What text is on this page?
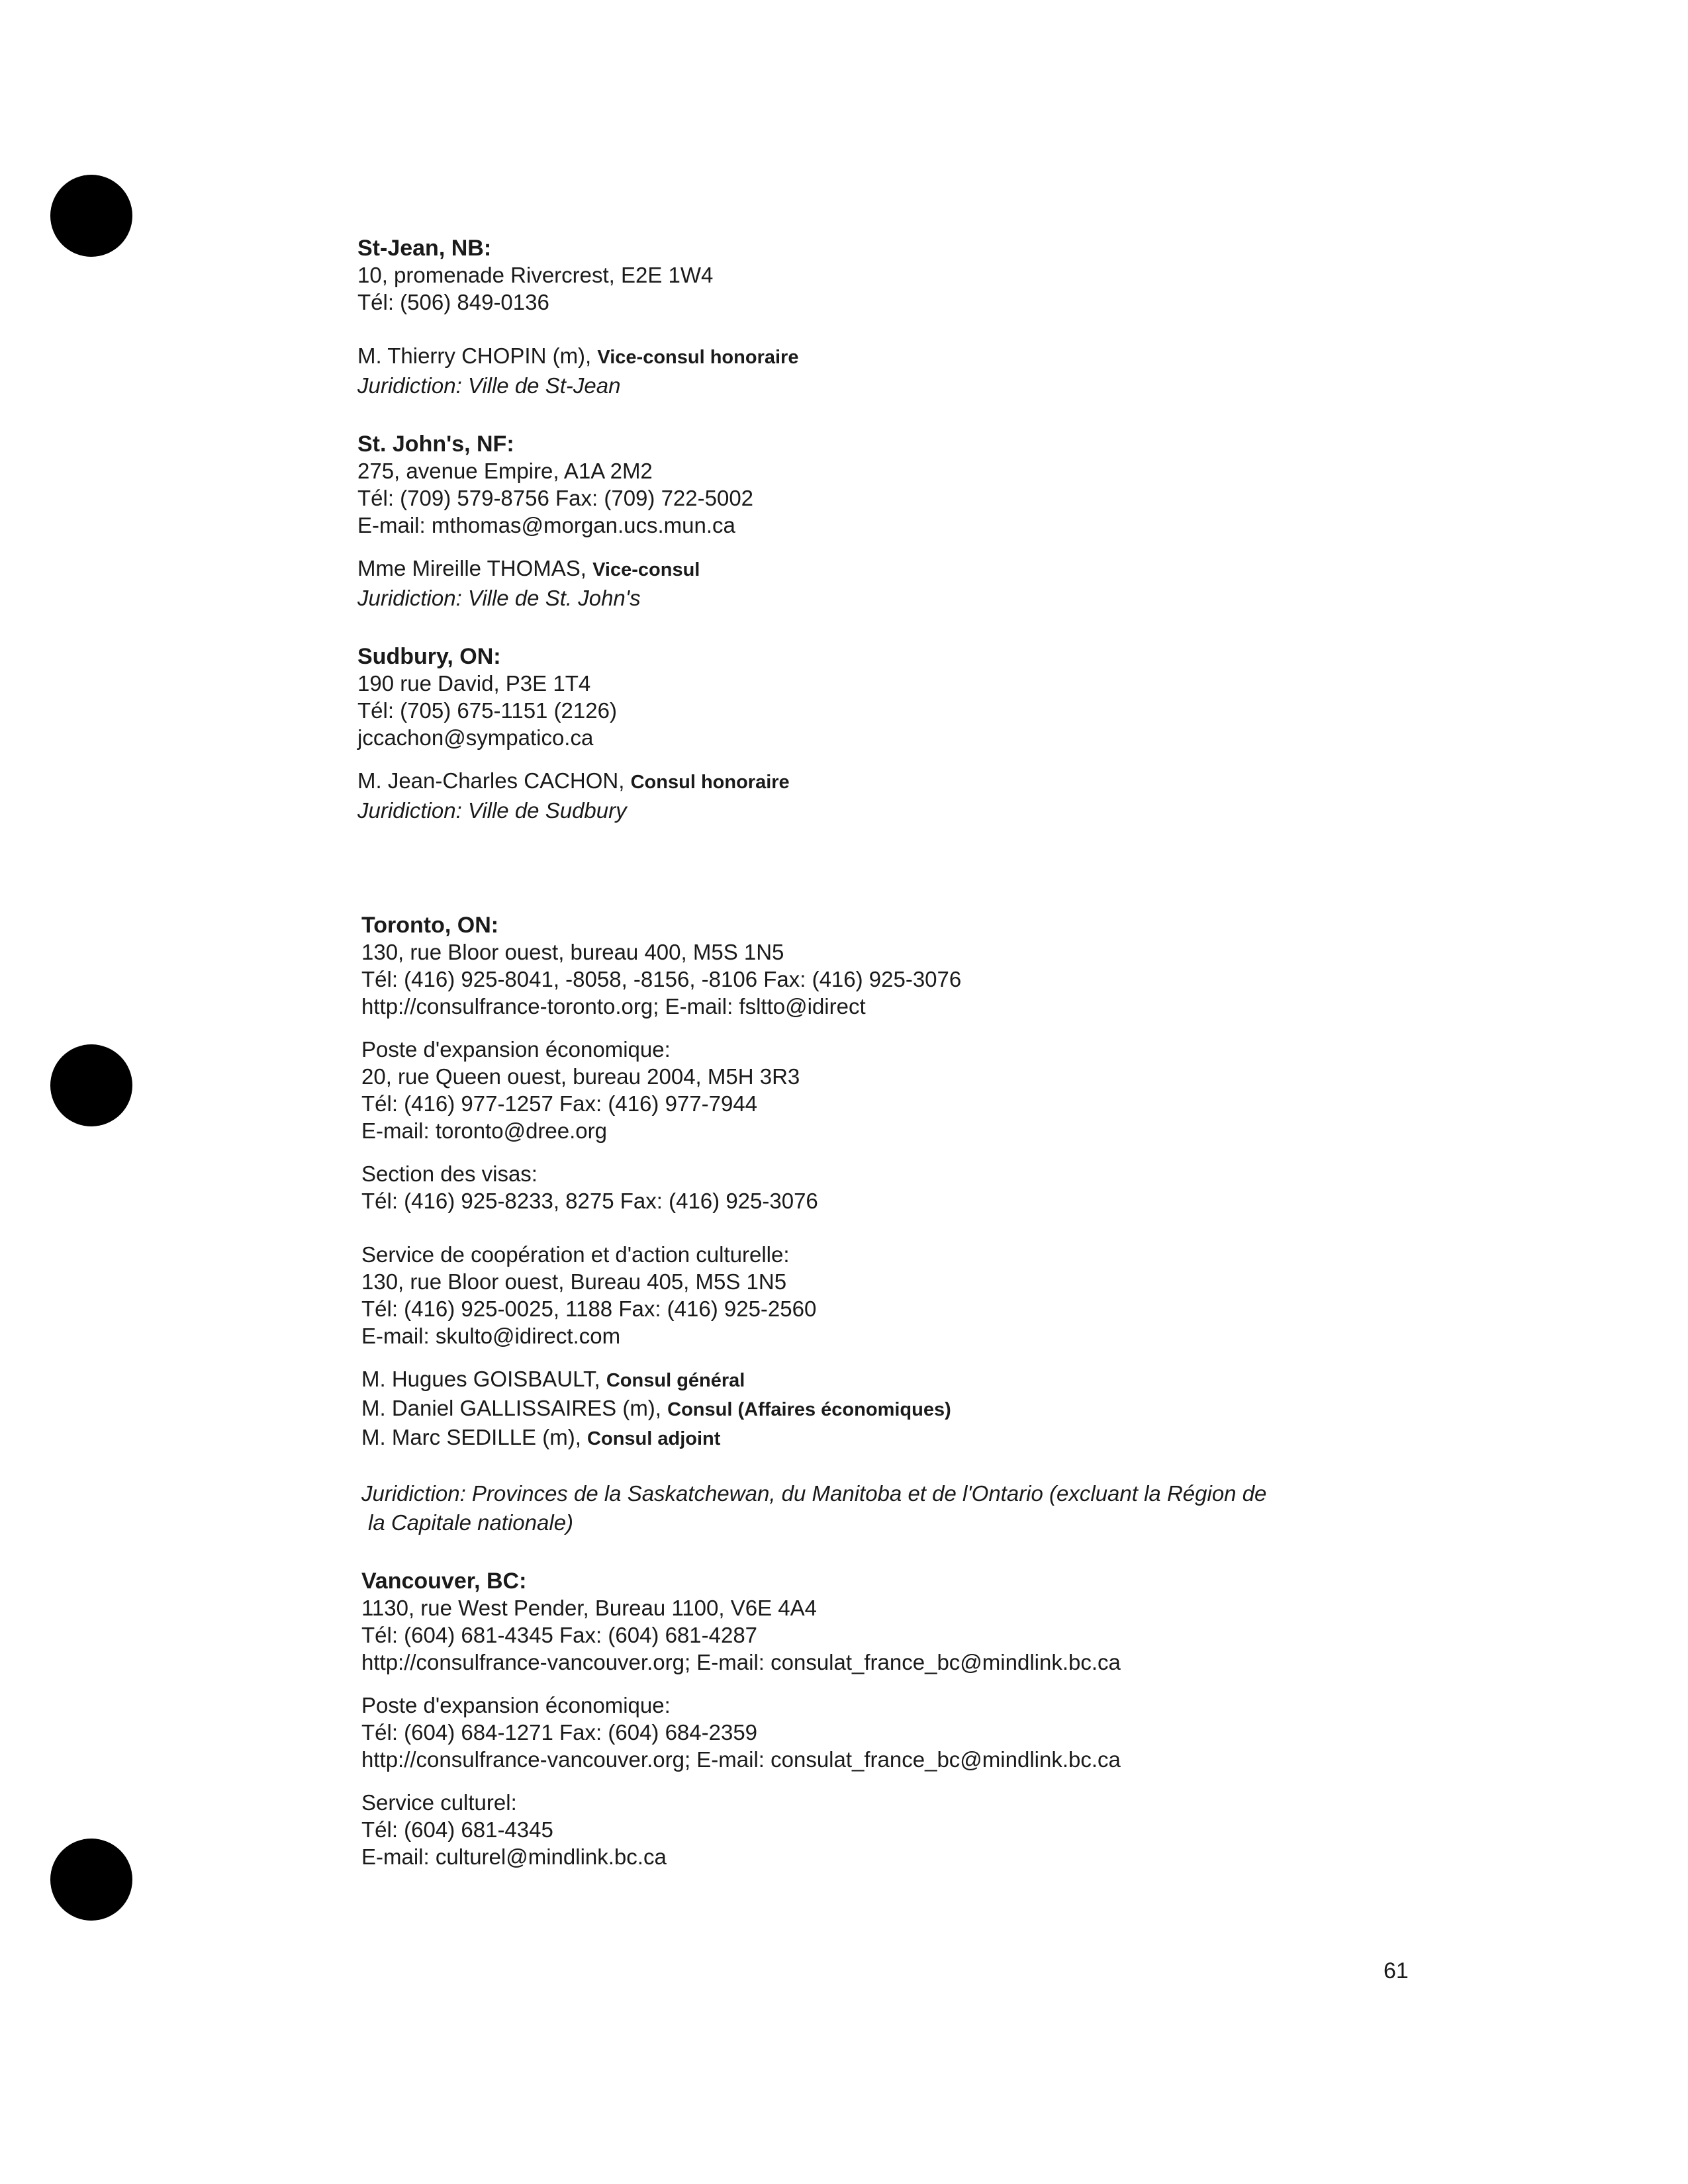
St-Jean, NB:

10, promenade Rivercrest, E2E 1W4

Tél: (506) 849-0136

M. Thierry CHOPIN (m), Vice-consul honoraire

Juridiction: Ville de St-Jean

St. John's, NF:

275, avenue Empire, A1A 2M2

Tél: (709) 579-8756 Fax: (709) 722-5002

E-mail: mthomas@morgan.ucs.mun.ca

Mme Mireille THOMAS, Vice-consul

Juridiction: Ville de St. John's

Sudbury, ON:

190 rue David, P3E 1T4

Tél: (705) 675-1151 (2126)

jccachon@sympatico.ca

M. Jean-Charles CACHON, Consul honoraire

Juridiction: Ville de Sudbury

Toronto, ON:

130, rue Bloor ouest, bureau 400, M5S 1N5

Tél: (416) 925-8041, -8058, -8156, -8106 Fax: (416) 925-3076

http://consulfrance-toronto.org; E-mail: fsltto@idirect

Poste d'expansion économique:

20, rue Queen ouest, bureau 2004, M5H 3R3

Tél: (416) 977-1257 Fax: (416) 977-7944

E-mail: toronto@dree.org

Section des visas:

Tél: (416) 925-8233, 8275 Fax: (416) 925-3076

Service de coopération et d'action culturelle:

130, rue Bloor ouest, Bureau 405, M5S 1N5

Tél: (416) 925-0025, 1188 Fax: (416) 925-2560

E-mail: skulto@idirect.com

M. Hugues GOISBAULT, Consul général

M. Daniel GALLISSAIRES (m), Consul (Affaires économiques)

M. Marc SEDILLE (m), Consul adjoint

Juridiction: Provinces de la Saskatchewan, du Manitoba et de l'Ontario (excluant la Région de

la Capitale nationale)

Vancouver, BC:

1130, rue West Pender, Bureau 1100, V6E 4A4

Tél: (604) 681-4345 Fax: (604) 681-4287

http://consulfrance-vancouver.org; E-mail: consulat_france_bc@mindlink.bc.ca

Poste d'expansion économique:

Tél: (604) 684-1271 Fax: (604) 684-2359

http://consulfrance-vancouver.org; E-mail: consulat_france_bc@mindlink.bc.ca

Service culturel:

Tél: (604) 681-4345

E-mail: culturel@mindlink.bc.ca

61
